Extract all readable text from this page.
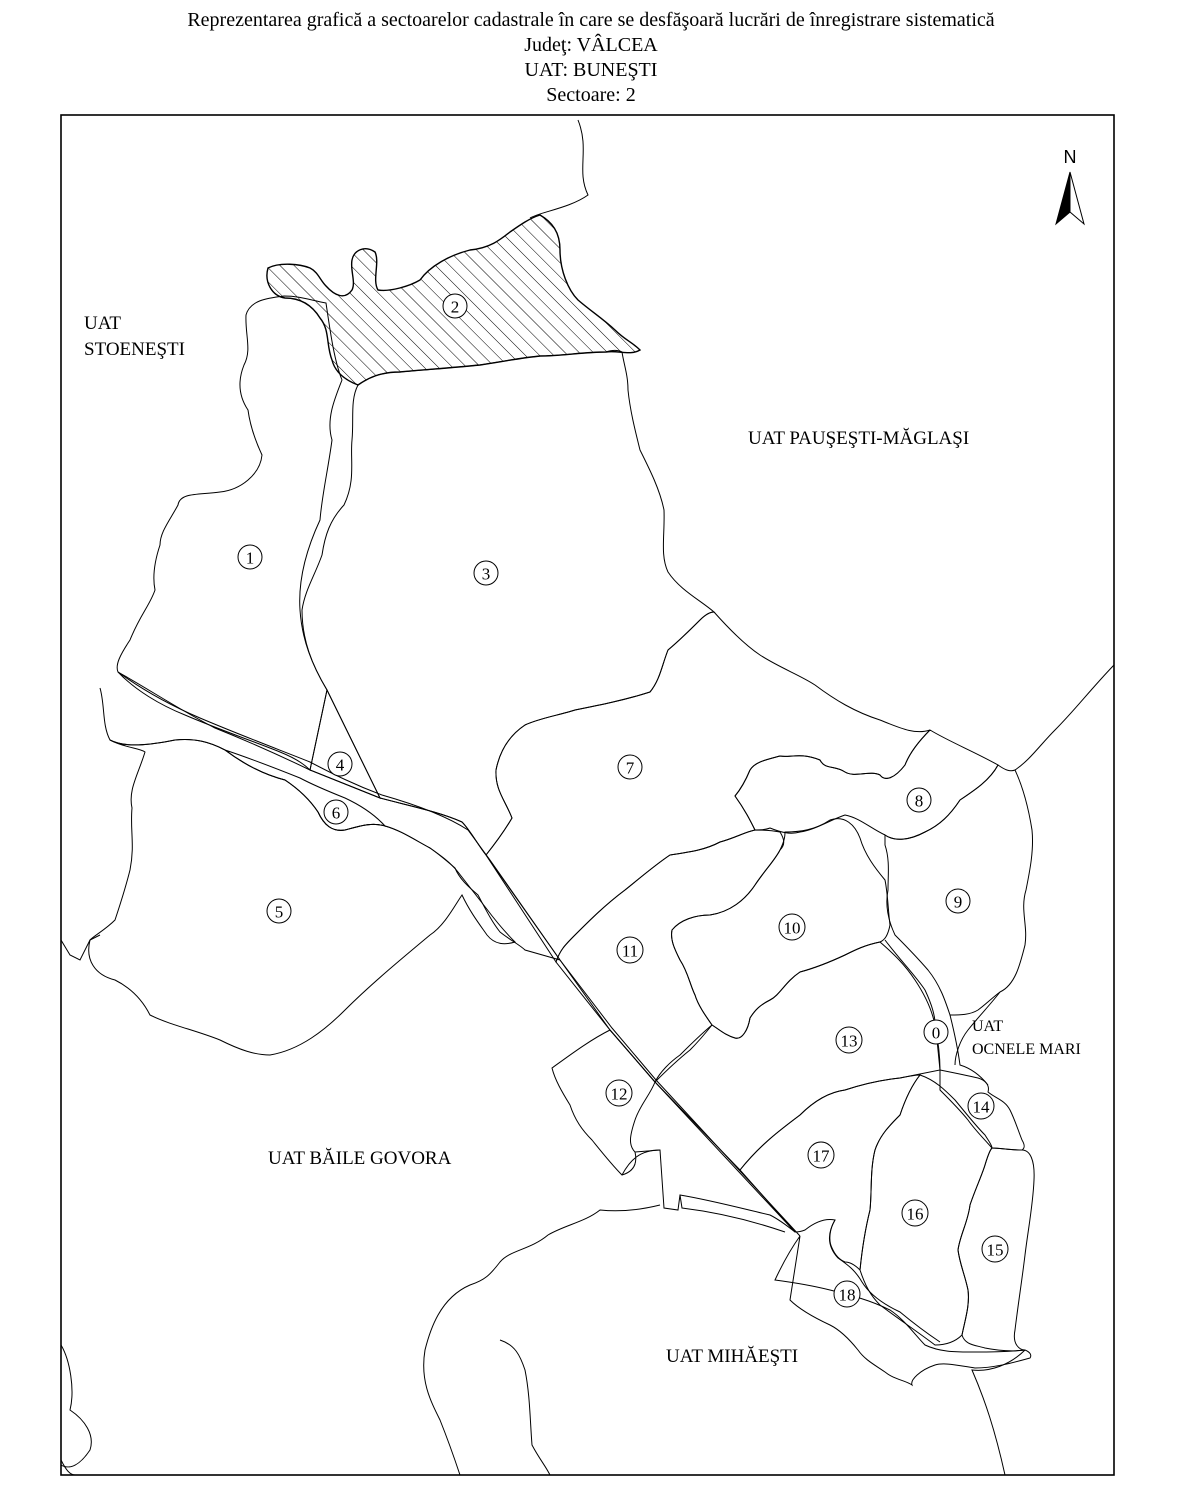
Reprezentarea grafică a sectoarelor cadastrale în care se desfăşoară lucrări de înregistrare sistematică
Judeţ: VÂLCEA
UAT: BUNEŞTI
Sectoare: 2
N
UAT STOENEŞTI
UAT PAUŞEŞTI-MĂGLAŞI
UAT BĂILE GOVORA
UAT OCNELE MARI
UAT MIHĂEŞTI
1
2
3
4
5
6
7
8
9
10
11
12
13	0
14
15
16
17
18
